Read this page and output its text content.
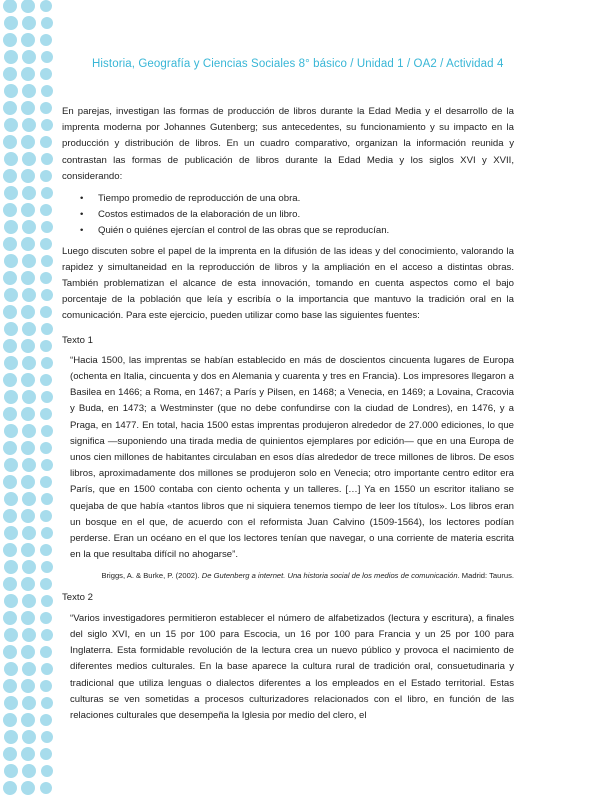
Historia, Geografía y Ciencias Sociales 8° básico / Unidad 1 / OA2 / Actividad 4

En parejas, investigan las formas de producción de libros durante la Edad Media y el desarrollo de la imprenta moderna por Johannes Gutenberg; sus antecedentes, su funcionamiento y su impacto en la producción y distribución de libros. En un cuadro comparativo, organizan la información reunida y contrastan las formas de publicación de libros durante la Edad Media y los siglos XVI y XVII, considerando:

• Tiempo promedio de reproducción de una obra.
• Costos estimados de la elaboración de un libro.
• Quién o quiénes ejercían el control de las obras que se reproducían.

Luego discuten sobre el papel de la imprenta en la difusión de las ideas y del conocimiento, valorando la rapidez y simultaneidad en la reproducción de libros y la ampliación en el acceso a distintas obras. También problematizan el alcance de esta innovación, tomando en cuenta aspectos como el bajo porcentaje de la población que leía y escribía o la importancia que mantuvo la tradición oral en la comunicación. Para este ejercicio, pueden utilizar como base las siguientes fuentes:

Texto 1

“Hacia 1500, las imprentas se habían establecido en más de doscientos cincuenta lugares de Europa (ochenta en Italia, cincuenta y dos en Alemania y cuarenta y tres en Francia). Los impresores llegaron a Basilea en 1466; a Roma, en 1467; a París y Pilsen, en 1468; a Venecia, en 1469; a Lovaina, Cracovia y Buda, en 1473; a Westminster (que no debe confundirse con la ciudad de Londres), en 1476, y a Praga, en 1477. En total, hacia 1500 estas imprentas produjeron alrededor de 27.000 ediciones, lo que significa —suponiendo una tirada media de quinientos ejemplares por edición— que en una Europa de unos cien millones de habitantes circulaban en esos días alrededor de trece millones de libros. De esos libros, aproximadamente dos millones se produjeron solo en Venecia; otro importante centro editor era París, que en 1500 contaba con ciento ochenta y un talleres. […] Ya en 1550 un escritor italiano se quejaba de que había «tantos libros que ni siquiera tenemos tiempo de leer los títulos». Los libros eran un bosque en el que, de acuerdo con el reformista Juan Calvino (1509-1564), los lectores podían perderse. Eran un océano en el que los lectores tenían que navegar, o una corriente de materia escrita en la que resultaba difícil no ahogarse”.

Briggs, A. & Burke, P. (2002). De Gutenberg a internet. Una historia social de los medios de comunicación. Madrid: Taurus.
Texto 2

“Varios investigadores permitieron establecer el número de alfabetizados (lectura y escritura), a finales del siglo XVI, en un 15 por 100 para Escocia, un 16 por 100 para Francia y un 25 por 100 para Inglaterra. Esta formidable revolución de la lectura crea un nuevo público y provoca el nacimiento de diferentes medios culturales. En la base aparece la cultura rural de tradición oral, consuetudinaria y tradicional que utiliza lenguas o dialectos diferentes a los empleados en el Estado territorial. Estas culturas se ven sometidas a procesos culturizadores relacionados con el libro, en función de las relaciones culturales que desempeña la Iglesia por medio del clero, el
